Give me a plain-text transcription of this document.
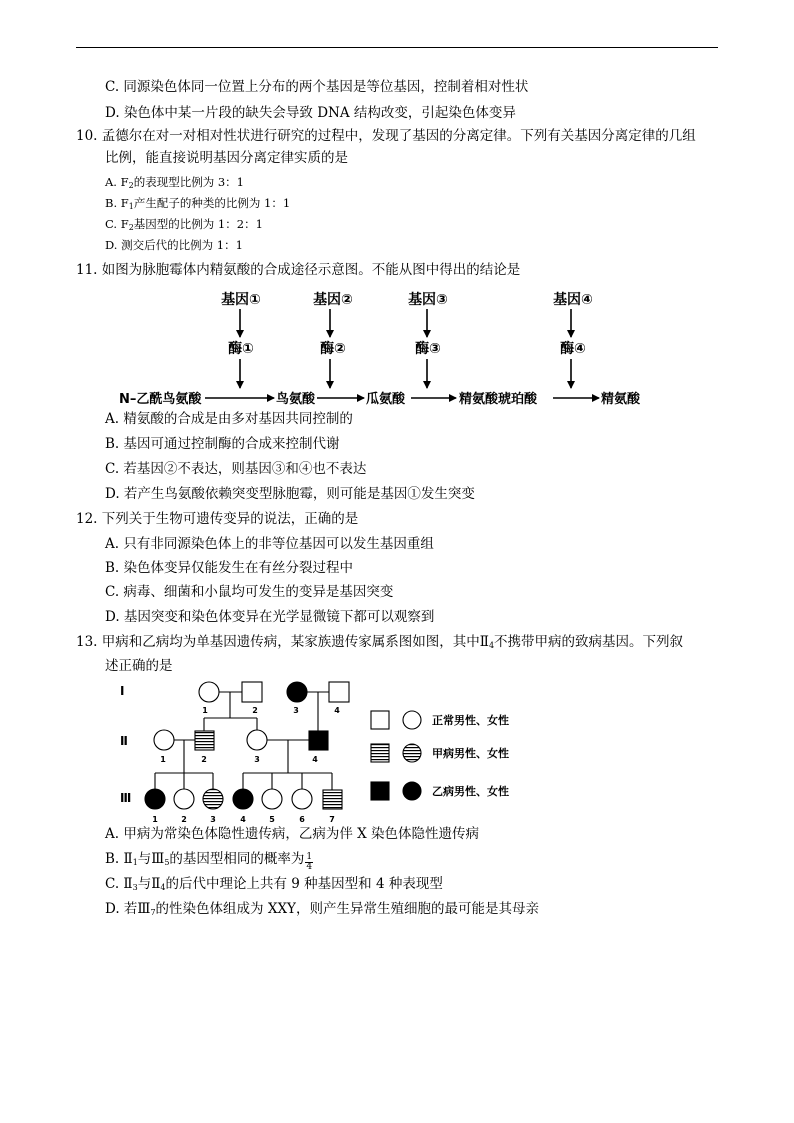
C. 同源染色体同一位置上分布的两个基因是等位基因，控制着相对性状
D. 染色体中某一片段的缺失会导致 DNA 结构改变，引起染色体变异
10. 孟德尔在对一对相对性状进行研究的过程中，发现了基因的分离定律。下列有关基因分离定律的几组
比例，能直接说明基因分离定律实质的是
A. $F_2$的表现型比例为 3：1
B. $F_1$产生配子的种类的比例为 1：1
C. $F_2$基因型的比例为 1：2：1
D. 测交后代的比例为 1：1
11. 如图为脉胞霉体内精氨酸的合成途径示意图。不能从图中得出的结论是
基因①	基因②	基因③	基因④
酶①	酶②	酶③	酶④
N–乙酰鸟氨酸	鸟氨酸	瓜氨酸	精氨酸琥珀酸	精氨酸
A. 精氨酸的合成是由多对基因共同控制的
B. 基因可通过控制酶的合成来控制代谢
C. 若基因②不表达，则基因③和④也不表达
D. 若产生鸟氨酸依赖突变型脉胞霉，则可能是基因①发生突变
12. 下列关于生物可遗传变异的说法，正确的是
A. 只有非同源染色体上的非等位基因可以发生基因重组
B. 染色体变异仅能发生在有丝分裂过程中
C. 病毒、细菌和小鼠均可发生的变异是基因突变
D. 基因突变和染色体变异在光学显微镜下都可以观察到
13. 甲病和乙病均为单基因遗传病，某家族遗传家属系图如图，其中$Ⅱ_4$不携带甲病的致病基因。下列叙
述正确的是
Ⅰ
Ⅱ
Ⅲ
1	2	3	4
1	2	3	4
1	2	3	4	5	6	7
正常男性、女性
甲病男性、女性
乙病男性、女性
A. 甲病为常染色体隐性遗传病，乙病为伴 X 染色体隐性遗传病
B. $Ⅱ_1$与$Ⅲ_5$的基因型相同的概率为 $\frac{1}{4}$
C. $Ⅱ_3$与$Ⅱ_4$的后代中理论上共有 9 种基因型和 4 种表现型
D. 若$Ⅲ_7$的性染色体组成为 XXY，则产生异常生殖细胞的最可能是其母亲
